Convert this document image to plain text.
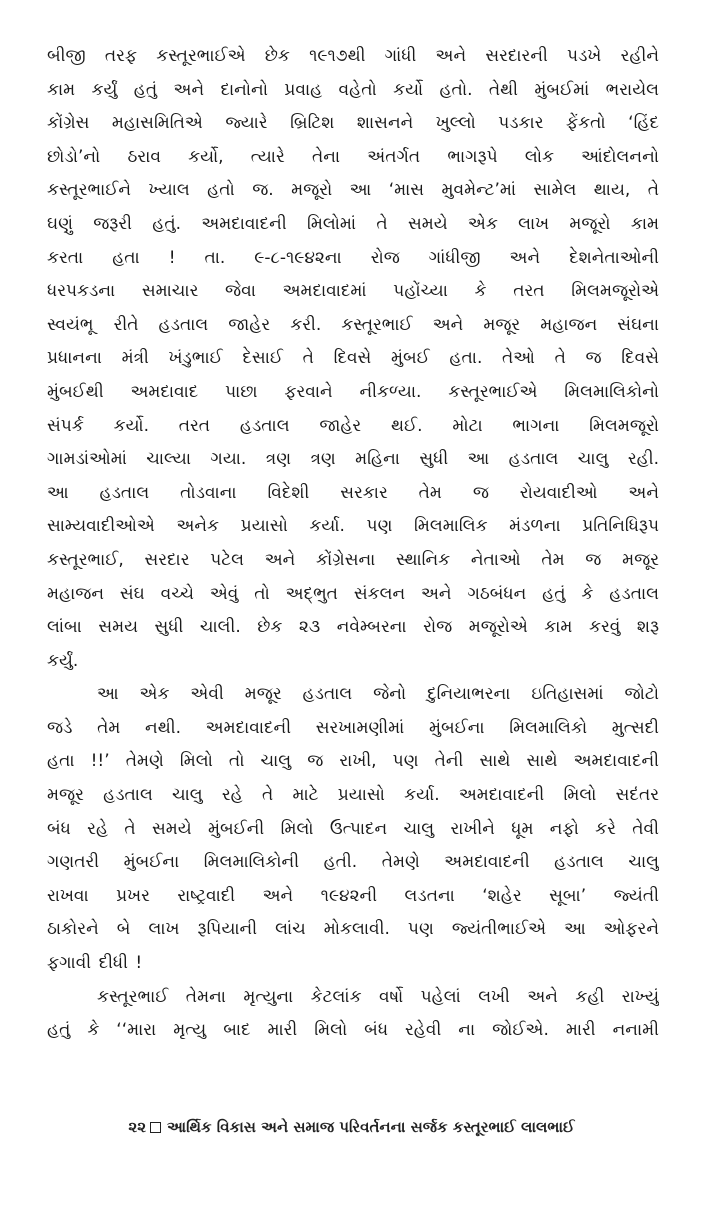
બીજી તરફ કસ્તૂરભાઈએ છેક ૧૯૧૭થી ગાંધી અને સરદારની પડખે રહીને
કામ કર્યું હતું અને દાનોનો પ્રવાહ વહેતો કર્યો હતો. તેથી મુંબઈમાં ભરાયેલ
કોંગ્રેસ મહાસમિતિએ જ્યારે બ્રિટિશ શાસનને ખુલ્લો પડકાર ફેંકતો ‘હિંદ
છોડો’નો ઠરાવ કર્યો, ત્યારે તેના અંતર્ગત ભાગરૂપે લોક આંદોલનનો
કસ્તૂરભાઈને ખ્યાલ હતો જ. મજૂરો આ ‘માસ મુવમેન્ટ’માં સામેલ થાય, તે
ઘણું જરૂરી હતું. અમદાવાદની મિલોમાં તે સમયે એક લાખ મજૂરો કામ
કરતા હતા ! તા. ૯-૮-૧૯૪૨ના રોજ ગાંધીજી અને દેશનેતાઓની
ધરપકડના સમાચાર જેવા અમદાવાદમાં પહોંચ્યા કે તરત મિલમજૂરોએ
સ્વયંભૂ રીતે હડતાલ જાહેર કરી. કસ્તૂરભાઈ અને મજૂર મહાજન સંઘના
પ્રધાનના મંત્રી ખંડુભાઈ દેસાઈ તે દિવસે મુંબઈ હતા. તેઓ તે જ દિવસે
મુંબઈથી અમદાવાદ પાછા ફરવાને નીકળ્યા. કસ્તૂરભાઈએ મિલમાલિકોનો
સંપર્ક કર્યો. તરત હડતાલ જાહેર થઈ. મોટા ભાગના મિલમજૂરો
ગામડાંઓમાં ચાલ્યા ગયા. ત્રણ ત્રણ મહિના સુધી આ હડતાલ ચાલુ રહી.
આ હડતાલ તોડવાના વિદેશી સરકાર તેમ જ રોયવાદીઓ અને
સામ્યવાદીઓએ અનેક પ્રયાસો કર્યા. પણ મિલમાલિક મંડળના પ્રતિનિધિરૂપ
કસ્તૂરભાઈ, સરદાર પટેલ અને કોંગ્રેસના સ્થાનિક નેતાઓ તેમ જ મજૂર
મહાજન સંઘ વચ્ચે એવું તો અદ્ભુત સંકલન અને ગઠબંધન હતું કે હડતાલ
લાંબા સમય સુધી ચાલી. છેક ૨૩ નવેમ્બરના રોજ મજૂરોએ કામ કરવું શરૂ
કર્યું.
આ એક એવી મજૂર હડતાલ જેનો દુનિયાભરના ઇતિહાસમાં જોટો
જડે તેમ નથી. અમદાવાદની સરખામણીમાં મુંબઈના મિલમાલિકો મુત્સદી
હતા !!’ તેમણે મિલો તો ચાલુ જ રાખી, પણ તેની સાથે સાથે અમદાવાદની
મજૂર હડતાલ ચાલુ રહે તે માટે પ્રયાસો કર્યા. અમદાવાદની મિલો સદંતર
બંધ રહે તે સમયે મુંબઈની મિલો ઉત્પાદન ચાલુ રાખીને ધૂમ નફો કરે તેવી
ગણતરી મુંબઈના મિલમાલિકોની હતી. તેમણે અમદાવાદની હડતાલ ચાલુ
રાખવા પ્રખર રાષ્ટ્રવાદી અને ૧૯૪૨ની લડતના ‘શહેર સૂબા’ જ્યંતી
ઠાકોરને બે લાખ રૂપિયાની લાંચ મોકલાવી. પણ જ્યંતીભાઈએ આ ઓફરને
ફગાવી દીધી !
કસ્તૂરભાઈ તેમના મૃત્યુના કેટલાંક વર્ષો પહેલાં લખી અને કહી રાખ્યું
હતું કે ‘‘મારા મૃત્યુ બાદ મારી મિલો બંધ રહેવી ના જોઈએ. મારી નનામી
૨૨ આર્થિક વિકાસ અને સમાજ પરિવર્તનના સર્જક કસ્તૂરભાઈ લાલભાઈ
